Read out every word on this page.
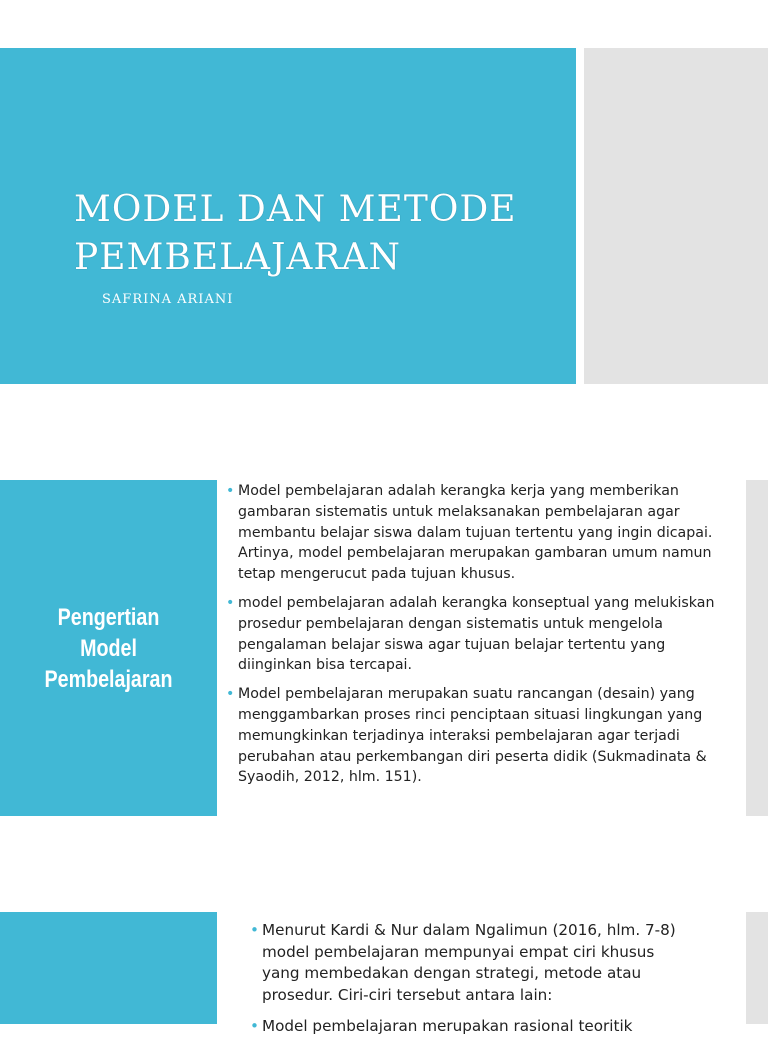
MODEL DAN METODE PEMBELAJARAN

SAFRINA ARIANI

Pengertian
Model
Pembelajaran

• Model pembelajaran adalah kerangka kerja yang memberikan gambaran sistematis untuk melaksanakan pembelajaran agar membantu belajar siswa dalam tujuan tertentu yang ingin dicapai. Artinya, model pembelajaran merupakan gambaran umum namun tetap mengerucut pada tujuan khusus.
• model pembelajaran adalah kerangka konseptual yang melukiskan prosedur pembelajaran dengan sistematis untuk mengelola pengalaman belajar siswa agar tujuan belajar tertentu yang diinginkan bisa tercapai.
• Model pembelajaran merupakan suatu rancangan (desain) yang menggambarkan proses rinci penciptaan situasi lingkungan yang memungkinkan terjadinya interaksi pembelajaran agar terjadi perubahan atau perkembangan diri peserta didik (Sukmadinata & Syaodih, 2012, hlm. 151).
• Menurut Kardi & Nur dalam Ngalimun (2016, hlm. 7-8) model pembelajaran mempunyai empat ciri khusus yang membedakan dengan strategi, metode atau prosedur. Ciri-ciri tersebut antara lain:
• Model pembelajaran merupakan rasional teoritik
